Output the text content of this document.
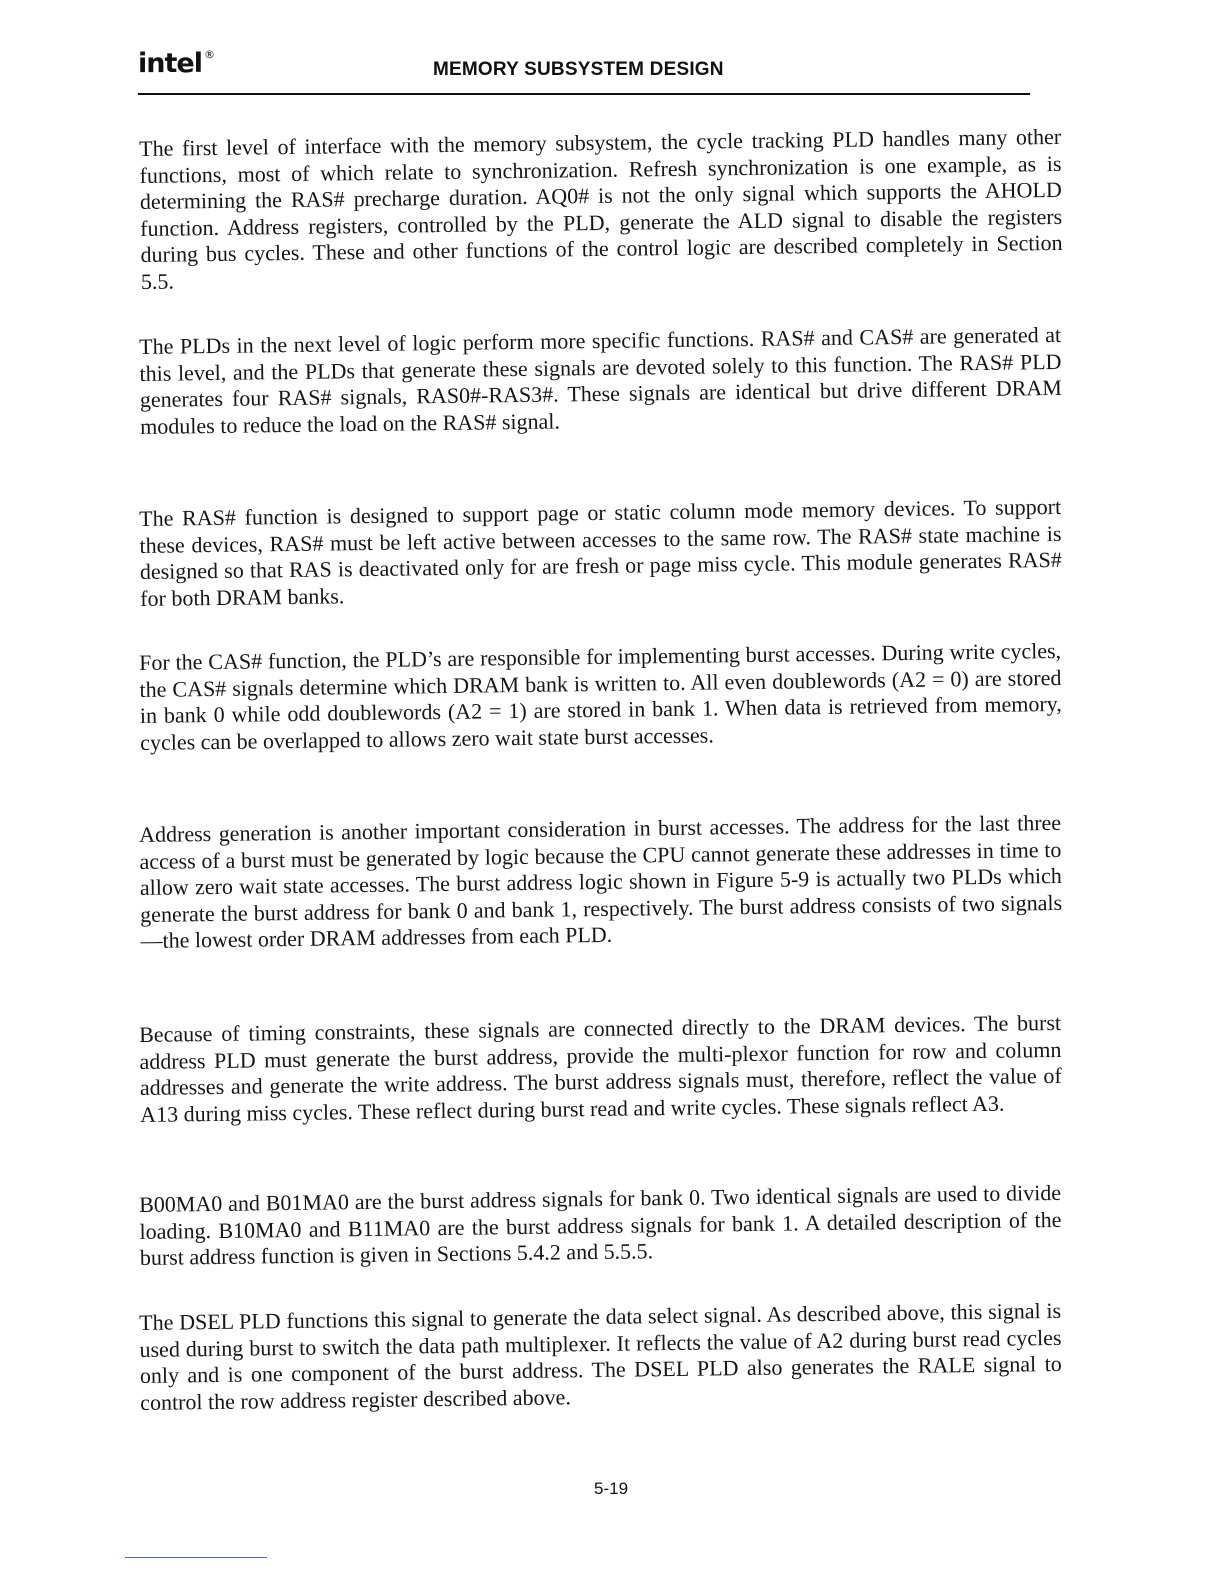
intel ®
MEMORY SUBSYSTEM DESIGN

The first level of interface with the memory subsystem, the cycle tracking PLD handles many other functions, most of which relate to synchronization. Refresh synchronization is one example, as is determining the RAS# precharge duration. AQ0# is not the only signal which supports the AHOLD function. Address registers, controlled by the PLD, generate the ALD signal to disable the registers during bus cycles. These and other functions of the control logic are described completely in Section 5.5.

The PLDs in the next level of logic perform more specific functions. RAS# and CAS# are generated at this level, and the PLDs that generate these signals are devoted solely to this function. The RAS# PLD generates four RAS# signals, RAS0#-RAS3#. These signals are identical but drive different DRAM modules to reduce the load on the RAS# signal.

The RAS# function is designed to support page or static column mode memory devices. To support these devices, RAS# must be left active between accesses to the same row. The RAS# state machine is designed so that RAS is deactivated only for are fresh or page miss cycle. This module generates RAS# for both DRAM banks.

For the CAS# function, the PLD’s are responsible for implementing burst accesses. During write cycles, the CAS# signals determine which DRAM bank is written to. All even doublewords (A2 = 0) are stored in bank 0 while odd doublewords (A2 = 1) are stored in bank 1. When data is retrieved from memory, cycles can be overlapped to allows zero wait state burst accesses.

Address generation is another important consideration in burst accesses. The address for the last three access of a burst must be generated by logic because the CPU cannot generate these addresses in time to allow zero wait state accesses. The burst address logic shown in Figure 5-9 is actually two PLDs which generate the burst address for bank 0 and bank 1, respectively. The burst address consists of two signals—the lowest order DRAM addresses from each PLD.

Because of timing constraints, these signals are connected directly to the DRAM devices. The burst address PLD must generate the burst address, provide the multi-plexor function for row and column addresses and generate the write address. The burst address signals must, therefore, reflect the value of A13 during miss cycles. These reflect during burst read and write cycles. These signals reflect A3.

B00MA0 and B01MA0 are the burst address signals for bank 0. Two identical signals are used to divide loading. B10MA0 and B11MA0 are the burst address signals for bank 1. A detailed description of the burst address function is given in Sections 5.4.2 and 5.5.5.

The DSEL PLD functions this signal to generate the data select signal. As described above, this signal is used during burst to switch the data path multiplexer. It reflects the value of A2 during burst read cycles only and is one component of the burst address. The DSEL PLD also generates the RALE signal to control the row address register described above.

5-19
